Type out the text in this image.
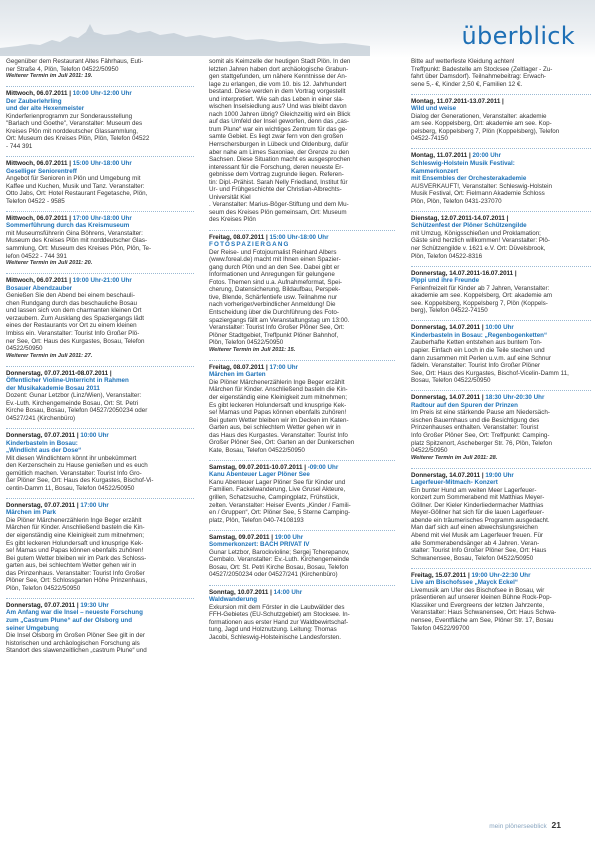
überblick

Gegenüber dem Restaurant Altes Fährhaus, Euti-

ner Straße 4, Plön, Telefon 04522/50950

Weiterer Termin im Juli 2011: 19.

Mittwoch, 06.07.2011 | 10:00 Uhr-12:00 Uhr

Der Zauberlehrling

und der alte Hexenmeister

Kinderferienprogramm zur Sonderausstellung

"Barlach und Goethe", Veranstalter: Museum des

Kreises Plön mit norddeutscher Glassammlung,

Ort: Museum des Kreises Plön, Plön, Telefon 04522

- 744 391

Mittwoch, 06.07.2011 | 15:00 Uhr-18:00 Uhr

Geselliger Seniorentreff

Angebot für Senioren in Plön und Umgebung mit

Kaffee und Kuchen, Musik und Tanz. Veranstalter:

Otto Jabs, Ort: Hotel Restaurant Fegetasche, Plön,

Telefon 04522 - 9585

Mittwoch, 06.07.2011 | 17:00 Uhr-18:00 Uhr

Sommerführung durch das Kreismuseum

mit Museumsführerin Gina Böhrens, Veranstalter:

Museum des Kreises Plön mit norddeutscher Glas-

sammlung, Ort: Museum des Kreises Plön, Plön, Te-

lefon 04522 - 744 391

Weiterer Termin im Juli 2011: 20.

Mittwoch, 06.07.2011 | 19:00 Uhr-21:00 Uhr

Bosauer Abendzauber

Genießen Sie den Abend bei einem beschauli-

chen Rundgang durch das beschauliche Bosau

und lassen sich von dem charmanten kleinen Ort

verzaubern. Zum Ausklang des Spaziergangs lädt

eines der Restaurants vor Ort zu einem kleinen

Imbiss ein. Veranstalter: Tourist Info Großer Plö-

ner See, Ort: Haus des Kurgastes, Bosau, Telefon

04522/50950

Weiterer Termin im Juli 2011: 27.

Donnerstag, 07.07.2011-08.07.2011 |

Öffentlicher Violine-Unterricht in Rahmen

der Musikakademie Bosau 2011

Dozent: Gunar Letzbor (Linz/Wien), Veranstalter:

Ev.-Luth. Kirchengemeinde Bosau, Ort: St. Petri

Kirche Bosau, Bosau, Telefon 04527/2050234 oder

04527/241 (Kirchenbüro)

Donnerstag, 07.07.2011 | 10:00 Uhr

Kinderbasteln in Bosau:

„Windlicht aus der Dose“

Mit diesen Windlichtern könnt ihr unbekümmert

den Kerzenschein zu Hause genießen und es euch

gemütlich machen. Veranstalter: Tourist Info Gro-

ßer Plöner See, Ort: Haus des Kurgastes, Bischof-Vi-

centin-Damm 11, Bosau, Telefon 04522/50950

Donnerstag, 07.07.2011 | 17:00 Uhr

Märchen im Park

Die Plöner Märchenerzählerin Inge Beger erzählt

Märchen für Kinder. Anschließend basteln die Kin-

der eigenständig eine Kleinigkeit zum mitnehmen;

Es gibt leckeren Holundersaft und knusprige Kek-

se! Mamas und Papas können ebenfalls zuhören!

Bei gutem Wetter bleiben wir im Park des Schloss-

garten aus, bei schlechtem Wetter gehen wir in

das Prinzenhaus. Veranstalter: Tourist Info Großer

Plöner See, Ort: Schlossgarten Höhe Prinzenhaus,

Plön, Telefon 04522/50950

Donnerstag, 07.07.2011 | 19:30 Uhr

Am Anfang war die Insel – neueste Forschung

zum „Castrum Plune“ auf der Olsborg und

seiner Umgebung

Die Insel Olsborg im Großen Plöner See gilt in der

historischen und archäologischen Forschung als

Standort des slawenzeitlichen „castrum Plune“ und

somit als Keimzelle der heutigen Stadt Plön. In den

letzten Jahren haben dort archäologische Grabun-

gen stattgefunden, um nähere Kenntnisse der An-

lage zu erlangen, die vom 10. bis 12. Jahrhundert

bestand. Diese werden in dem Vortrag vorgestellt

und interpretiert. Wie sah das Leben in einer sla-

wischen Inselsiedlung aus? Und was bleibt davon

nach 1000 Jahren übrig? Gleichzeitig wird ein Blick

auf das Umfeld der Insel geworfen, denn das „cas-

trum Plune“ war ein wichtiges Zentrum für das ge-

samte Gebiet. Es liegt zwar fern von den großen

Herrschersburgen in Lübeck und Oldenburg, dafür

aber nahe am Limes Saxoniae, der Grenze zu den

Sachsen. Diese Situation macht es ausgesprochen

interessant für die Forschung, deren neueste Er-

gebnisse dem Vortrag zugrunde liegen. Referen-

tin: Dipl.-Prähist. Sarah Nelly Friedland, Institut für

Ur- und Frühgeschichte der Christian-Albrechts-

Universität Kiel

. Veranstalter: Marius-Böger-Stiftung und dem Mu-

seum des Kreises Plön gemeinsam, Ort: Museum

des Kreises Plön

Freitag, 08.07.2011 | 15:00 Uhr-18:00 Uhr

FOTOSPAZIERGANG

Der Reise- und Fotojournalist Reinhard Albers

(www.foreal.de) macht mit Ihnen einen Spazier-

gang durch Plön und an den See. Dabei gibt er

Informationen und Anregungen für gelungene

Fotos. Themen sind u.a. Aufnahmeformat, Spei-

cherung, Datensicherung, Bildaufbau, Perspek-

tive, Blende, Schärfentiefe usw. Teilnahme nur

nach vorheriger/verbindlicher Anmeldung! Die

Entscheidung über die Durchführung des Foto-

spaziergangs fällt am Veranstaltungstag um 13:00.

Veranstalter: Tourist Info Großer Plöner See, Ort:

Plöner Stadtgebiet, Treffpunkt Plöner Bahnhof,

Plön, Telefon 04522/50950

Weiterer Termin im Juli 2011: 15.

Freitag, 08.07.2011 | 17:00 Uhr

Märchen im Garten

Die Plöner Märchenerzählerin Inge Beger erzählt

Märchen für Kinder. Anschließend basteln die Kin-

der eigenständig eine Kleinigkeit zum mitnehmen;

Es gibt leckeren Holundersaft und knusprige Kek-

se! Mamas und Papas können ebenfalls zuhören!

Bei gutem Wetter bleiben wir im Decken im Katen-

Garten aus, bei schlechtem Wetter gehen wir in

das Haus des Kurgastes. Veranstalter: Tourist Info

Großer Plöner See, Ort: Garten an der Dunkerschen

Kate, Bosau, Telefon 04522/50950

Samstag, 09.07.2011-10.07.2011 | -09:00 Uhr

Kanu Abenteuer Lager Plöner See

Kanu Abenteuer Lager Plöner See für Kinder und

Familien. Fackelwanderung, Live Grusel Akteure,

grillen, Schatzsuche, Campingplatz, Frühstück,

zelten. Veranstalter: Heiser Events „Kinder / Famili-

en / Gruppen“, Ort: Plöner See, 5 Sterne Camping-

platz, Plön, Telefon 040-74108193

Samstag, 09.07.2011 | 19:00 Uhr

Sommerkonzert: BACH PRIVAT IV

Gunar Letzbor, Barockvioline; Sergej Tcherepanov,

Cembalo. Veranstalter: Ev.-Luth. Kirchengemeinde

Bosau, Ort: St. Petri Kirche Bosau, Bosau, Telefon

04527/2050234 oder 04527/241 (Kirchenbüro)

Sonntag, 10.07.2011 | 14:00 Uhr

Waldwanderung

Exkursion mit dem Förster in die Laubwälder des

FFH-Gebietes (EU-Schutzgebiet) am Stocksee. In-

formationen aus erster Hand zur Waldbewirtschaf-

tung, Jagd und Holznutzung. Leitung: Thomas

Jacobi, Schleswig-Holsteinische Landesforsten.

Bitte auf wetterfeste Kleidung achten!

Treffpunkt: Badestelle am Stocksee (Zeltlager - Zu-

fahrt über Damsdorf). Teilnahmebeitrag: Erwach-

sene 5,- €, Kinder 2,50 €, Familien 12 €.

Montag, 11.07.2011-13.07.2011 |

Wild und weise

Dialog der Generationen, Veranstalter: akademie

am see. Koppelsberg, Ort: akademie am see. Kop-

pelsberg, Koppelsberg 7, Plön (Koppelsberg), Telefon

04522-74150

Montag, 11.07.2011 | 20:00 Uhr

Schleswig-Holstein Musik Festival:

Kammerkonzert

mit Ensembles der Orchesterakademie

AUSVERKAUFT!, Veranstalter: Schleswig-Holstein

Musik Festival, Ort: Fielmann Akademie Schloss

Plön, Plön, Telefon 0431-237070

Dienstag, 12.07.2011-14.07.2011 |

Schützenfest der Plöner Schützengilde

mit Umzug, Königsschießen und Proklamation;

Gäste sind herzlich willkommen! Veranstalter: Plö-

ner Schützengilde v. 1621 e.V. Ort: Düvelsbrook,

Plön, Telefon 04522-8316

Donnerstag, 14.07.2011-16.07.2011 |

Pippi und ihre Freunde

Ferienfreizeit für Kinder ab 7 Jahren, Veranstalter:

akademie am see. Koppelsberg, Ort: akademie am

see. Koppelsberg, Koppelsberg 7, Plön (Koppels-

berg), Telefon 04522-74150

Donnerstag, 14.07.2011 | 10:00 Uhr

Kinderbasteln in Bosau: „Regenbogenketten“

Zauberhafte Ketten entstehen aus buntem Ton-

papier. Einfach ein Loch in die Teile stechen und

dann zusammen mit Perlen u.v.m. auf eine Schnur

fädeln. Veranstalter: Tourist Info Großer Plöner

See, Ort: Haus des Kurgastes, Bischof-Vicelin-Damm 11,

Bosau, Telefon 04522/50950

Donnerstag, 14.07.2011 | 18:30 Uhr-20:30 Uhr

Radtour auf den Spuren der Prinzen

Im Preis ist eine stärkende Pause am Niedersäch-

sischen Bauernhaus und die Besichtigung des

Prinzenhauses enthalten. Veranstalter: Tourist

Info Großer Plöner See, Ort: Treffpunkt: Camping-

platz Spitzenort, Ascheberger Str. 76, Plön, Telefon

04522/50950

Weiterer Termin im Juli 2011: 28.

Donnerstag, 14.07.2011 | 19:00 Uhr

Lagerfeuer-Mitmach- Konzert

Ein bunter Hund am weiten Meer Lagerfeuer-

konzert zum Sommerabend mit Matthias Meyer-

Göllner. Der Kieler Kinderliedermacher Matthias

Meyer-Göllner hat sich für die lauen Lagerfeuer-

abende ein träumerisches Programm ausgedacht.

Man darf sich auf einen abwechslungsreichen

Abend mit viel Musik am Lagerfeuer freuen. Für

alle Sommerabendsänger ab 4 Jahren. Veran-

stalter: Tourist Info Großer Plöner See, Ort: Haus

Schwanensee, Bosau, Telefon 04522/50950

Freitag, 15.07.2011 | 19:00 Uhr-22:30 Uhr

Live am Bischofssee „Mayck Eckel“

Livemusik am Ufer des Bischofsee in Bosau, wir

präsentieren auf unserer kleinen Bühne Rock-Pop-

Klassiker und Evergreens der letzten Jahrzente,

Veranstalter: Haus Schwanensee, Ort: Haus Schwa-

nensee, Eventfläche am See, Plöner Str. 17, Bosau

Telefon 04522/99700

mein plönerseeblick 21
